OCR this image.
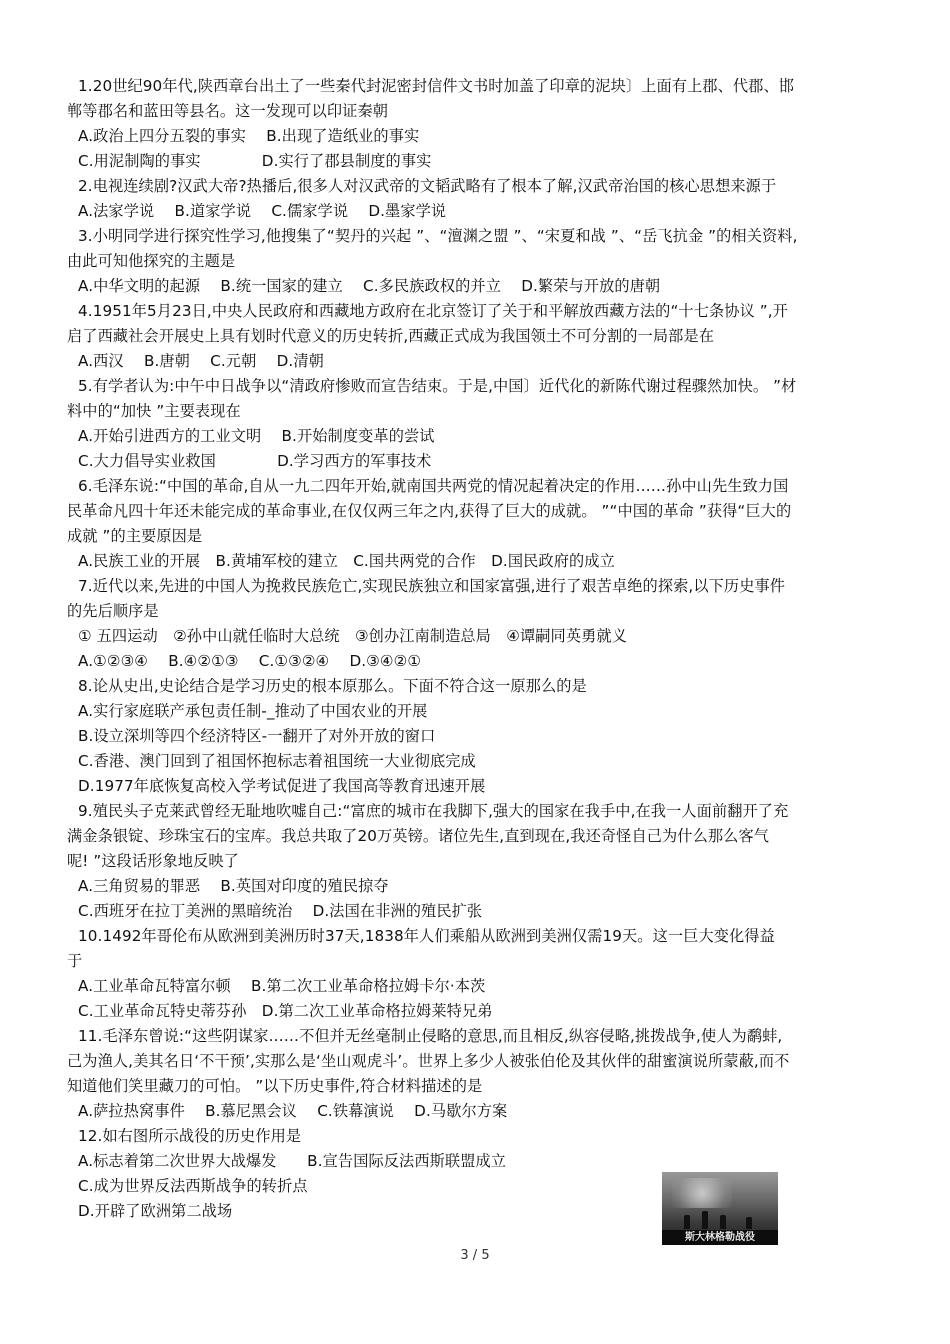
1.20世纪90年代,陕西章台出土了一些秦代封泥密封信件文书时加盖了印章的泥块〕上面有上郡、代郡、邯
郸等郡名和蓝田等县名。这一发现可以印证秦朝
A.政治上四分五裂的事实　 B.出现了造纸业的事实
C.用泥制陶的事实　　　　D.实行了郡县制度的事实
2.电视连续剧?汉武大帝?热播后,很多人对汉武帝的文韬武略有了根本了解,汉武帝治国的核心思想来源于
A.法家学说　 B.道家学说　 C.儒家学说　 D.墨家学说
3.小明同学进行探究性学习,他搜集了“契丹的兴起 ”、“澶渊之盟 ”、“宋夏和战 ”、“岳飞抗金 ”的相关资料,
由此可知他探究的主题是
A.中华文明的起源　 B.统一国家的建立　 C.多民族政权的并立　 D.繁荣与开放的唐朝
4.1951年5月23日,中央人民政府和西藏地方政府在北京签订了关于和平解放西藏方法的“十七条协议 ”,开
启了西藏社会开展史上具有划时代意义的历史转折,西藏正式成为我国领土不可分割的一局部是在
A.西汉　 B.唐朝　 C.元朝　 D.清朝
5.有学者认为:中午中日战争以“清政府惨败而宣告结束。于是,中国〕近代化的新陈代谢过程骤然加快。 ”材
料中的“加快 ”主要表现在
A.开始引进西方的工业文明　 B.开始制度变革的尝试
C.大力倡导实业救国　　　　D.学习西方的军事技术
6.毛泽东说:“中国的革命,自从一九二四年开始,就南国共两党的情况起着决定的作用……孙中山先生致力国
民革命凡四十年还未能完成的革命事业,在仅仅两三年之内,获得了巨大的成就。 ”“中国的革命 ”获得“巨大的
成就 ”的主要原因是
A.民族工业的开展　B.黄埔军校的建立　C.国共两党的合作　D.国民政府的成立
7.近代以来,先进的中国人为挽救民族危亡,实现民族独立和国家富强,进行了艰苦卓绝的探索,以下历史事件
的先后顺序是
① 五四运动　②孙中山就任临时大总统　③创办江南制造总局　④谭嗣同英勇就义
A.①②③④　 B.④②①③　 C.①③②④　 D.③④②①
8.论从史出,史论结合是学习历史的根本原那么。下面不符合这一原那么的是
A.实行家庭联产承包责任制-_推动了中国农业的开展
B.设立深圳等四个经济特区-一翻开了对外开放的窗口
C.香港、澳门回到了祖国怀抱标志着祖国统一大业彻底完成
D.1977年底恢复高校入学考试促进了我国高等教育迅速开展
9.殖民头子克莱武曾经无耻地吹嘘自己:“富庶的城市在我脚下,强大的国家在我手中,在我一人面前翻开了充
满金条银锭、珍珠宝石的宝库。我总共取了20万英镑。诸位先生,直到现在,我还奇怪自己为什么那么客气
呢! ”这段话形象地反映了
A.三角贸易的罪恶　 B.英国对印度的殖民掠夺
C.西班牙在拉丁美洲的黑暗统治　 D.法国在非洲的殖民扩张
10.1492年哥伦布从欧洲到美洲历时37天,1838年人们乘船从欧洲到美洲仅需19天。这一巨大变化得益
于
A.工业革命瓦特富尔顿　 B.第二次工业革命格拉姆卡尔·本茨
C.工业革命瓦特史蒂芬孙　D.第二次工业革命格拉姆莱特兄弟
11.毛泽东曾说:“这些阴谋家……不但并无丝毫制止侵略的意思,而且相反,纵容侵略,挑拨战争,使人为鹬蚌,
己为渔人,美其名日‘不干预’,实那么是‘坐山观虎斗’。世界上多少人被张伯伦及其伙伴的甜蜜演说所蒙蔽,而不
知道他们笑里藏刀的可怕。 ”以下历史事件,符合材料描述的是
A.萨拉热窝事件　 B.慕尼黑会议　 C.铁幕演说　 D.马歇尔方案
12.如右图所示战役的历史作用是
A.标志着第二次世界大战爆发　　B.宣告国际反法西斯联盟成立
C.成为世界反法西斯战争的转折点
D.开辟了欧洲第二战场
斯大林格勒战役
3 / 5
